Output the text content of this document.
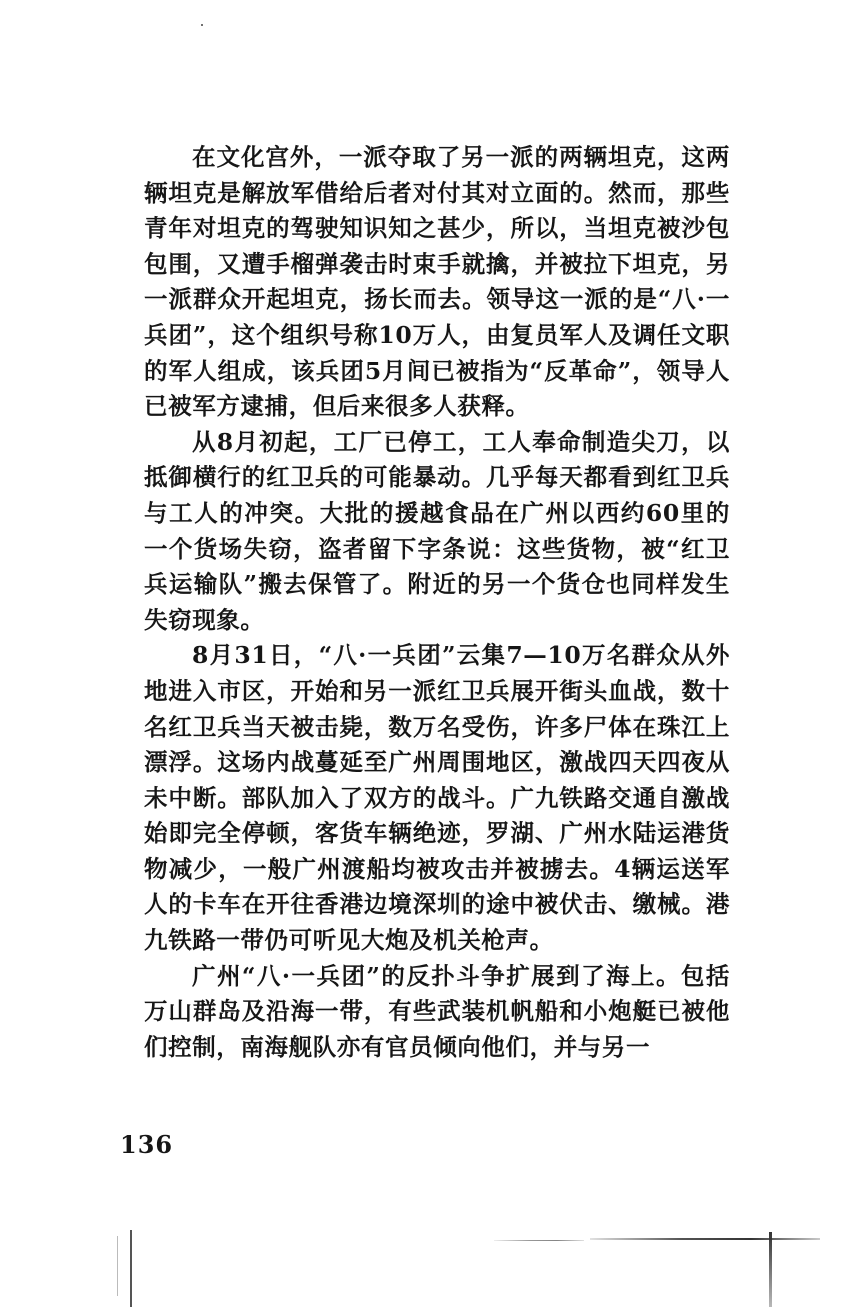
在文化宫外，一派夺取了另一派的两辆坦克，这两辆坦克是解放军借给后者对付其对立面的。然而，那些青年对坦克的驾驶知识知之甚少，所以，当坦克被沙包包围，又遭手榴弹袭击时束手就擒，并被拉下坦克，另一派群众开起坦克，扬长而去。领导这一派的是“八·一兵团”，这个组织号称10万人，由复员军人及调任文职的军人组成，该兵团5月间已被指为“反革命”，领导人已被军方逮捕，但后来很多人获释。

从8月初起，工厂已停工，工人奉命制造尖刀，以抵御横行的红卫兵的可能暴动。几乎每天都看到红卫兵与工人的冲突。大批的援越食品在广州以西约60里的一个货场失窃，盗者留下字条说：这些货物，被“红卫兵运输队”搬去保管了。附近的另一个货仓也同样发生失窃现象。

8月31日，“八·一兵团”云集7—10万名群众从外地进入市区，开始和另一派红卫兵展开街头血战，数十名红卫兵当天被击毙，数万名受伤，许多尸体在珠江上漂浮。这场内战蔓延至广州周围地区，激战四天四夜从未中断。部队加入了双方的战斗。广九铁路交通自激战始即完全停顿，客货车辆绝迹，罗湖、广州水陆运港货物减少，一般广州渡船均被攻击并被掳去。4辆运送军人的卡车在开往香港边境深圳的途中被伏击、缴械。港九铁路一带仍可听见大炮及机关枪声。

广州“八·一兵团”的反扑斗争扩展到了海上。包括万山群岛及沿海一带，有些武装机帆船和小炮艇已被他们控制，南海舰队亦有官员倾向他们，并与另一

136
